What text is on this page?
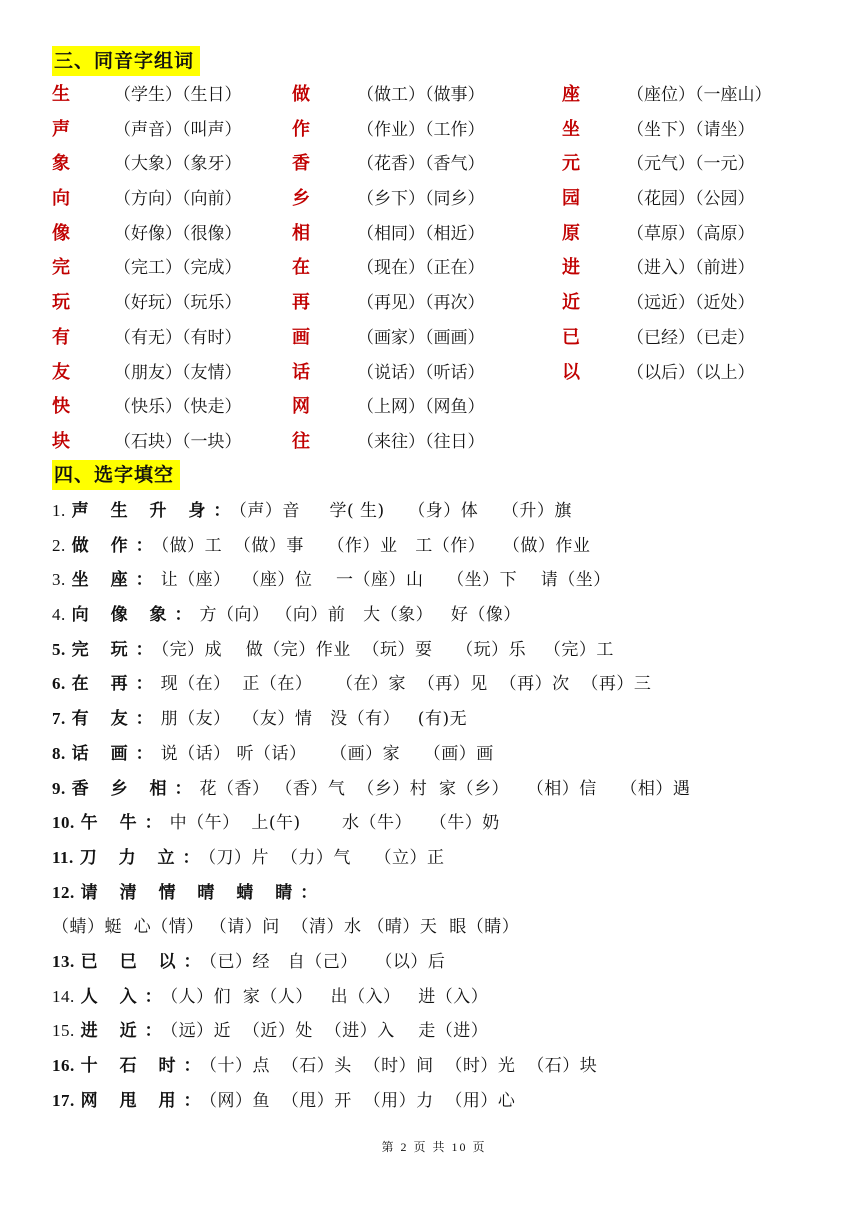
三、同音字组词
生	（学生）（生日）	做	（做工）（做事）	座	（座位）（一座山）
声	（声音）（叫声）	作	（作业）（工作）	坐	（坐下）（请坐）
象	（大象）（象牙）	香	（花香）（香气）	元	（元气）（一元）
向	（方向）（向前）	乡	（乡下）（同乡）	园	（花园）（公园）
像	（好像）（很像）	相	（相同）（相近）	原	（草原）（高原）
完	（完工）（完成）	在	（现在）（正在）	进	（进入）（前进）
玩	（好玩）（玩乐）	再	（再见）（再次）	近	（远近）（近处）
有	（有无）（有时）	画	（画家）（画画）	已	（已经）（已走）
友	（朋友）（友情）	话	（说话）（听话）	以	（以后）（以上）
快	（快乐）（快走）	网	（上网）（网鱼）
块	（石块）（一块）	往	（来往）（往日）
四、选字填空
1. 声 生 升 身：（声）音     学( 生)    （身）体    （升）旗
2. 做 作：（做）工  （做）事    （作）业   工（作）   （做）作业
3. 坐 座：让（座）  （座）位    一（座）山    （坐）下    请（坐）
4. 向 像 象：方（向） （向）前   大（象）   好（像）
5. 完 玩：（完）成    做（完）作业  （玩）耍    （玩）乐   （完）工
6. 在 再：现（在）  正（在）    （在）家  （再）见  （再）次  （再）三
7. 有 友：朋（友）  （友）情   没（有）   (有)无
8. 话 画：说（话） 听（话）    （画）家    （画）画
9. 香 乡 相：花（香） （香）气  （乡）村  家（乡）   （相）信    （相）遇
10. 午 牛：中（午）  上(午)       水（牛）   （牛）奶
11. 刀 力 立：（刀）片  （力）气    （立）正
12. 请 清 情 晴 蜻 睛：
（蜻）蜓  心（情） （请）问  （清）水 （晴）天  眼（睛）
13. 已 巳 以：（已）经   自（己）   （以）后
14. 人 入：（人）们  家（人）   出（入）   进（入）
15. 进 近：（远）近  （近）处  （进）入    走（进）
16. 十 石 时：（十）点  （石）头  （时）间  （时）光  （石）块
17. 网 甩 用：（网）鱼  （甩）开  （用）力  （用）心
第 2 页 共 10 页
